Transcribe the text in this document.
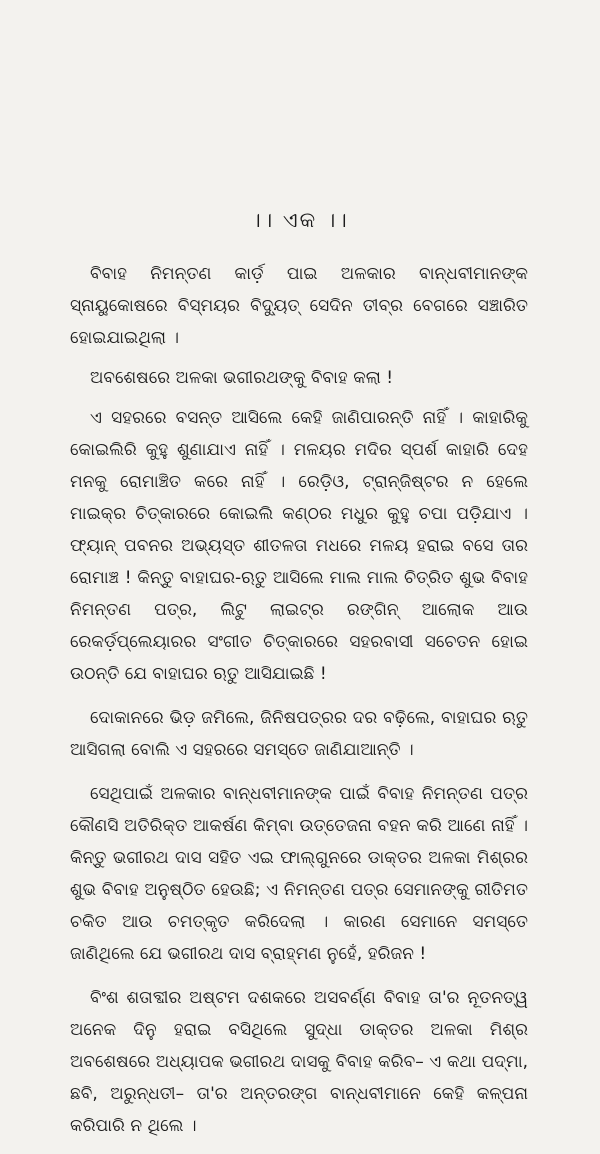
।। ଏକ ।।

ବିବାହ ନିମନ୍ତଣ କାର୍ଡ଼ ପାଇ ଅଳକାର ବାନ୍ଧବୀମାନଙ୍କ ସ୍ନାୟୁକୋଷରେ ବିସ୍ମୟର ବିଦ୍ୟୁତ୍ ସେଦିନ ତୀବ୍ର ବେଗରେ ସଞ୍ଚାରିତ ହୋଇଯାଇଥିଲା ।

ଅବଶେଷରେ ଅଳକା ଭଗୀରଥଙ୍କୁ ବିବାହ କଲା !

ଏ ସହରରେ ବସନ୍ତ ଆସିଲେ କେହି ଜାଣିପାରନ୍ତି ନାହିଁ । କାହାରିକୁ କୋଇଲିରି କୁହୁ ଶୁଣାଯାଏ ନାହିଁ । ମଳୟର ମଦିର ସ୍ପର୍ଶ କାହାରି ଦେହ ମନକୁ ରୋମାଞ୍ଚିତ କରେ ନାହିଁ । ରେଡ଼ିଓ, ଟ୍ରାନ୍‌ଜିଷ୍ଟର ନ ହେଲେ ମାଇକ୍‌ର ଚିତ୍କାରରେ କୋଇଲି କଣ୍ଠର ମଧୁର କୁହୁ ଚପା ପଡ଼ିଯାଏ । ଫ୍ୟାନ୍ ପବନର ଅଭ୍ୟସ୍ତ ଶୀତଳତା ମଧରେ ମଳୟ ହରାଇ ବସେ ତାର ରୋମାଞ୍ଚ ! କିନ୍ତୁ ବାହାଘର-ଋତୁ ଆସିଲେ ମାଲ ମାଲ ଚିତ୍ରିତ ଶୁଭ ବିବାହ ନିମନ୍ତଣ ପତ୍ର, ଲିଟୁ ଲାଇଟ୍‌ର ରଙ୍ଗିନ୍ ଆଲୋକ ଆଉ ରେକର୍ଡ଼ପ୍ଲେୟାରର ସଂଗୀତ ଚିତ୍କାରରେ ସହରବାସୀ ସଚେତନ ହୋଇ ଉଠନ୍ତି ଯେ ବାହାଘର ଋତୁ ଆସିଯାଇଛି !

ଦୋକାନରେ ଭିଡ଼ ଜମିଲେ, ଜିନିଷପତ୍ରର ଦର ବଢ଼ିଲେ, ବାହାଘର ଋତୁ ଆସିଗଲା ବୋଲି ଏ ସହରରେ ସମସ୍ତେ ଜାଣିଯାଆନ୍ତି ।

ସେଥିପାଇଁ ଅଳକାର ବାନ୍ଧବୀମାନଙ୍କ ପାଇଁ ବିବାହ ନିମନ୍ତଣ ପତ୍ର କୌଣସି ଅତିରିକ୍ତ ଆକର୍ଷଣ କିମ୍ବା ଉତ୍ତେଜନା ବହନ କରି ଆଣେ ନାହିଁ । କିନ୍ତୁ ଭଗୀରଥ ଦାସ ସହିତ ଏଇ ଫାଲ୍‌ଗୁନରେ ଡାକ୍ତର ଅଳକା ମିଶ୍ରର ଶୁଭ ବିବାହ ଅନୁଷ୍ଠିତ ହେଉଛି; ଏ ନିମନ୍ତଣ ପତ୍ର ସେମାନଙ୍କୁ ରୀତିମତ ଚକିତ ଆଉ ଚମତ୍କୃତ କରିଦେଲା । କାରଣ ସେମାନେ ସମସ୍ତେ ଜାଣିଥିଲେ ଯେ ଭଗୀରଥ ଦାସ ବ୍ରାହ୍ମଣ ନୁହେଁ, ହରିଜନ !

ବିଂଶ ଶତାବ୍ଦୀର ଅଷ୍ଟମ ଦଶକରେ ଅସବର୍ଣ୍ଣ ବିବାହ ତା'ର ନୂତନତ୍ୱ ଅନେକ ଦିନୁ ହରାଇ ବସିଥିଲେ ସୁଦ୍ଧା ଡାକ୍ତର ଅଳକା ମିଶ୍ର ଅବଶେଷରେ ଅଧ୍ୟାପକ ଭଗୀରଥ ଦାସକୁ ବିବାହ କରିବ– ଏ କଥା ପଦ୍ମା, ଛବି, ଅରୁନ୍ଧତୀ– ତା'ର ଅନ୍ତରଙ୍ଗ ବାନ୍ଧବୀମାନେ କେହି କଳ୍ପନା କରିପାରି ନ ଥିଲେ ।
